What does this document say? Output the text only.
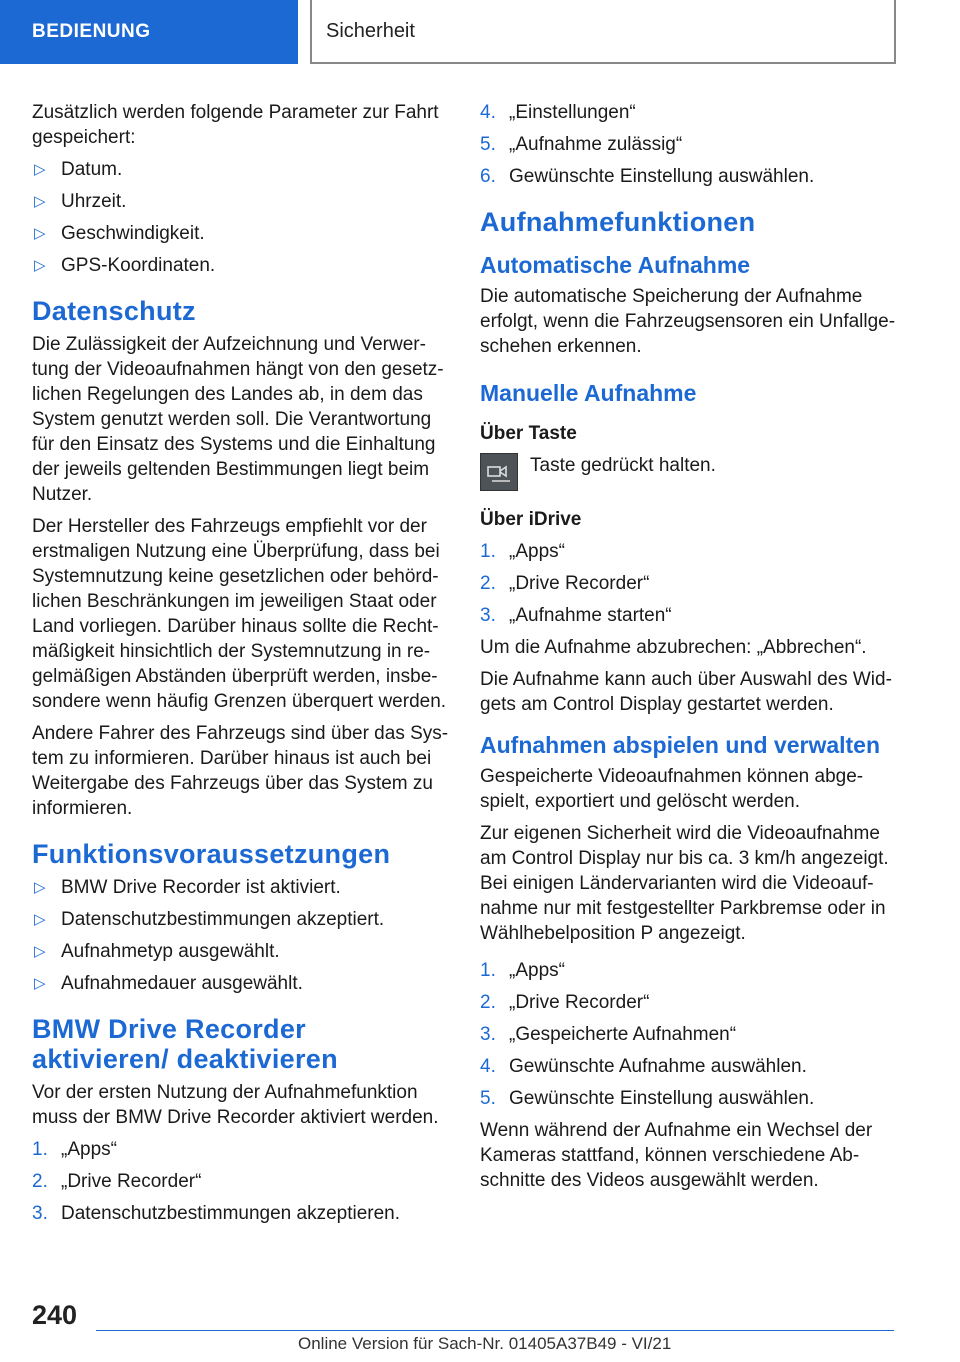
BEDIENUNG	Sicherheit

Zusätzlich werden folgende Parameter zur Fahrt gespeichert:

▷ Datum.
▷ Uhrzeit.
▷ Geschwindigkeit.
▷ GPS-Koordinaten.
Datenschutz

Die Zulässigkeit der Aufzeichnung und Verwer-tung der Videoaufnahmen hängt von den gesetz-lichen Regelungen des Landes ab, in dem das System genutzt werden soll. Die Verantwortung für den Einsatz des Systems und die Einhaltung der jeweils geltenden Bestimmungen liegt beim Nutzer.

Der Hersteller des Fahrzeugs empfiehlt vor der erstmaligen Nutzung eine Überprüfung, dass bei Systemnutzung keine gesetzlichen oder behörd-lichen Beschränkungen im jeweiligen Staat oder Land vorliegen. Darüber hinaus sollte die Recht-mäßigkeit hinsichtlich der Systemnutzung in re-gelmäßigen Abständen überprüft werden, insbe-sondere wenn häufig Grenzen überquert werden.

Andere Fahrer des Fahrzeugs sind über das Sys-tem zu informieren. Darüber hinaus ist auch bei Weitergabe des Fahrzeugs über das System zu informieren.

Funktionsvoraussetzungen
▷ BMW Drive Recorder ist aktiviert.
▷ Datenschutzbestimmungen akzeptiert.
▷ Aufnahmetyp ausgewählt.
▷ Aufnahmedauer ausgewählt.
BMW Drive Recorder aktivieren/ deaktivieren

Vor der ersten Nutzung der Aufnahmefunktion muss der BMW Drive Recorder aktiviert werden.

1. „Apps“
2. „Drive Recorder“
3. Datenschutzbestimmungen akzeptieren.
4. „Einstellungen“
5. „Aufnahme zulässig“
6. Gewünschte Einstellung auswählen.
Aufnahmefunktionen
Automatische Aufnahme

Die automatische Speicherung der Aufnahme erfolgt, wenn die Fahrzeugsensoren ein Unfallge-schehen erkennen.

Manuelle Aufnahme
Über Taste
Taste gedrückt halten.
Über iDrive
1. „Apps“
2. „Drive Recorder“
3. „Aufnahme starten“

Um die Aufnahme abzubrechen: „Abbrechen“.

Die Aufnahme kann auch über Auswahl des Wid-gets am Control Display gestartet werden.

Aufnahmen abspielen und verwalten

Gespeicherte Videoaufnahmen können abge-spielt, exportiert und gelöscht werden.

Zur eigenen Sicherheit wird die Videoaufnahme am Control Display nur bis ca. 3 km/h angezeigt. Bei einigen Ländervarianten wird die Videoauf-nahme nur mit festgestellter Parkbremse oder in Wählhebelposition P angezeigt.

1. „Apps“
2. „Drive Recorder“
3. „Gespeicherte Aufnahmen“
4. Gewünschte Aufnahme auswählen.
5. Gewünschte Einstellung auswählen.

Wenn während der Aufnahme ein Wechsel der Kameras stattfand, können verschiedene Ab-schnitte des Videos ausgewählt werden.

240
Online Version für Sach-Nr. 01405A37B49 - VI/21
